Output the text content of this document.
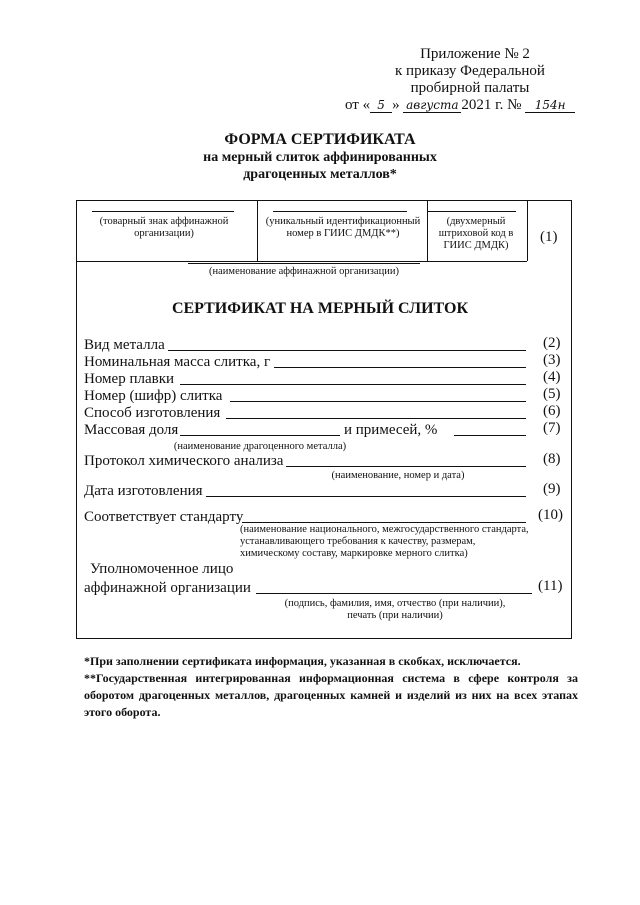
Приложение № 2
к приказу Федеральной
пробирной палаты
от « 5 » августа 2021 г. № 154н
ФОРМА СЕРТИФИКАТА
на мерный слиток аффинированных
драгоценных металлов*
(товарный знак аффинажной организации)
(уникальный идентификационный номер в ГИИС ДМДК**)
(двухмерный штриховой код в ГИИС ДМДК)
(1)
(наименование аффинажной организации)
СЕРТИФИКАТ НА МЕРНЫЙ СЛИТОК
Вид металла	(2)
Номинальная масса слитка, г	(3)
Номер плавки	(4)
Номер (шифр) слитка	(5)
Способ изготовления	(6)
Массовая доля	и примесей, %	(7)
(наименование драгоценного металла)
Протокол химического анализа	(8)
(наименование, номер и дата)
Дата изготовления	(9)
Соответствует стандарту	(10)
(наименование национального, межгосударственного стандарта,
устанавливающего требования к качеству, размерам,
химическому составу, маркировке мерного слитка)
Уполномоченное лицо
аффинажной организации	(11)
(подпись, фамилия, имя, отчество (при наличии),
печать (при наличии)
*При заполнении сертификата информация, указанная в скобках, исключается.
**Государственная интегрированная информационная система в сфере контроля за оборотом драгоценных металлов, драгоценных камней и изделий из них на всех этапах этого оборота.
